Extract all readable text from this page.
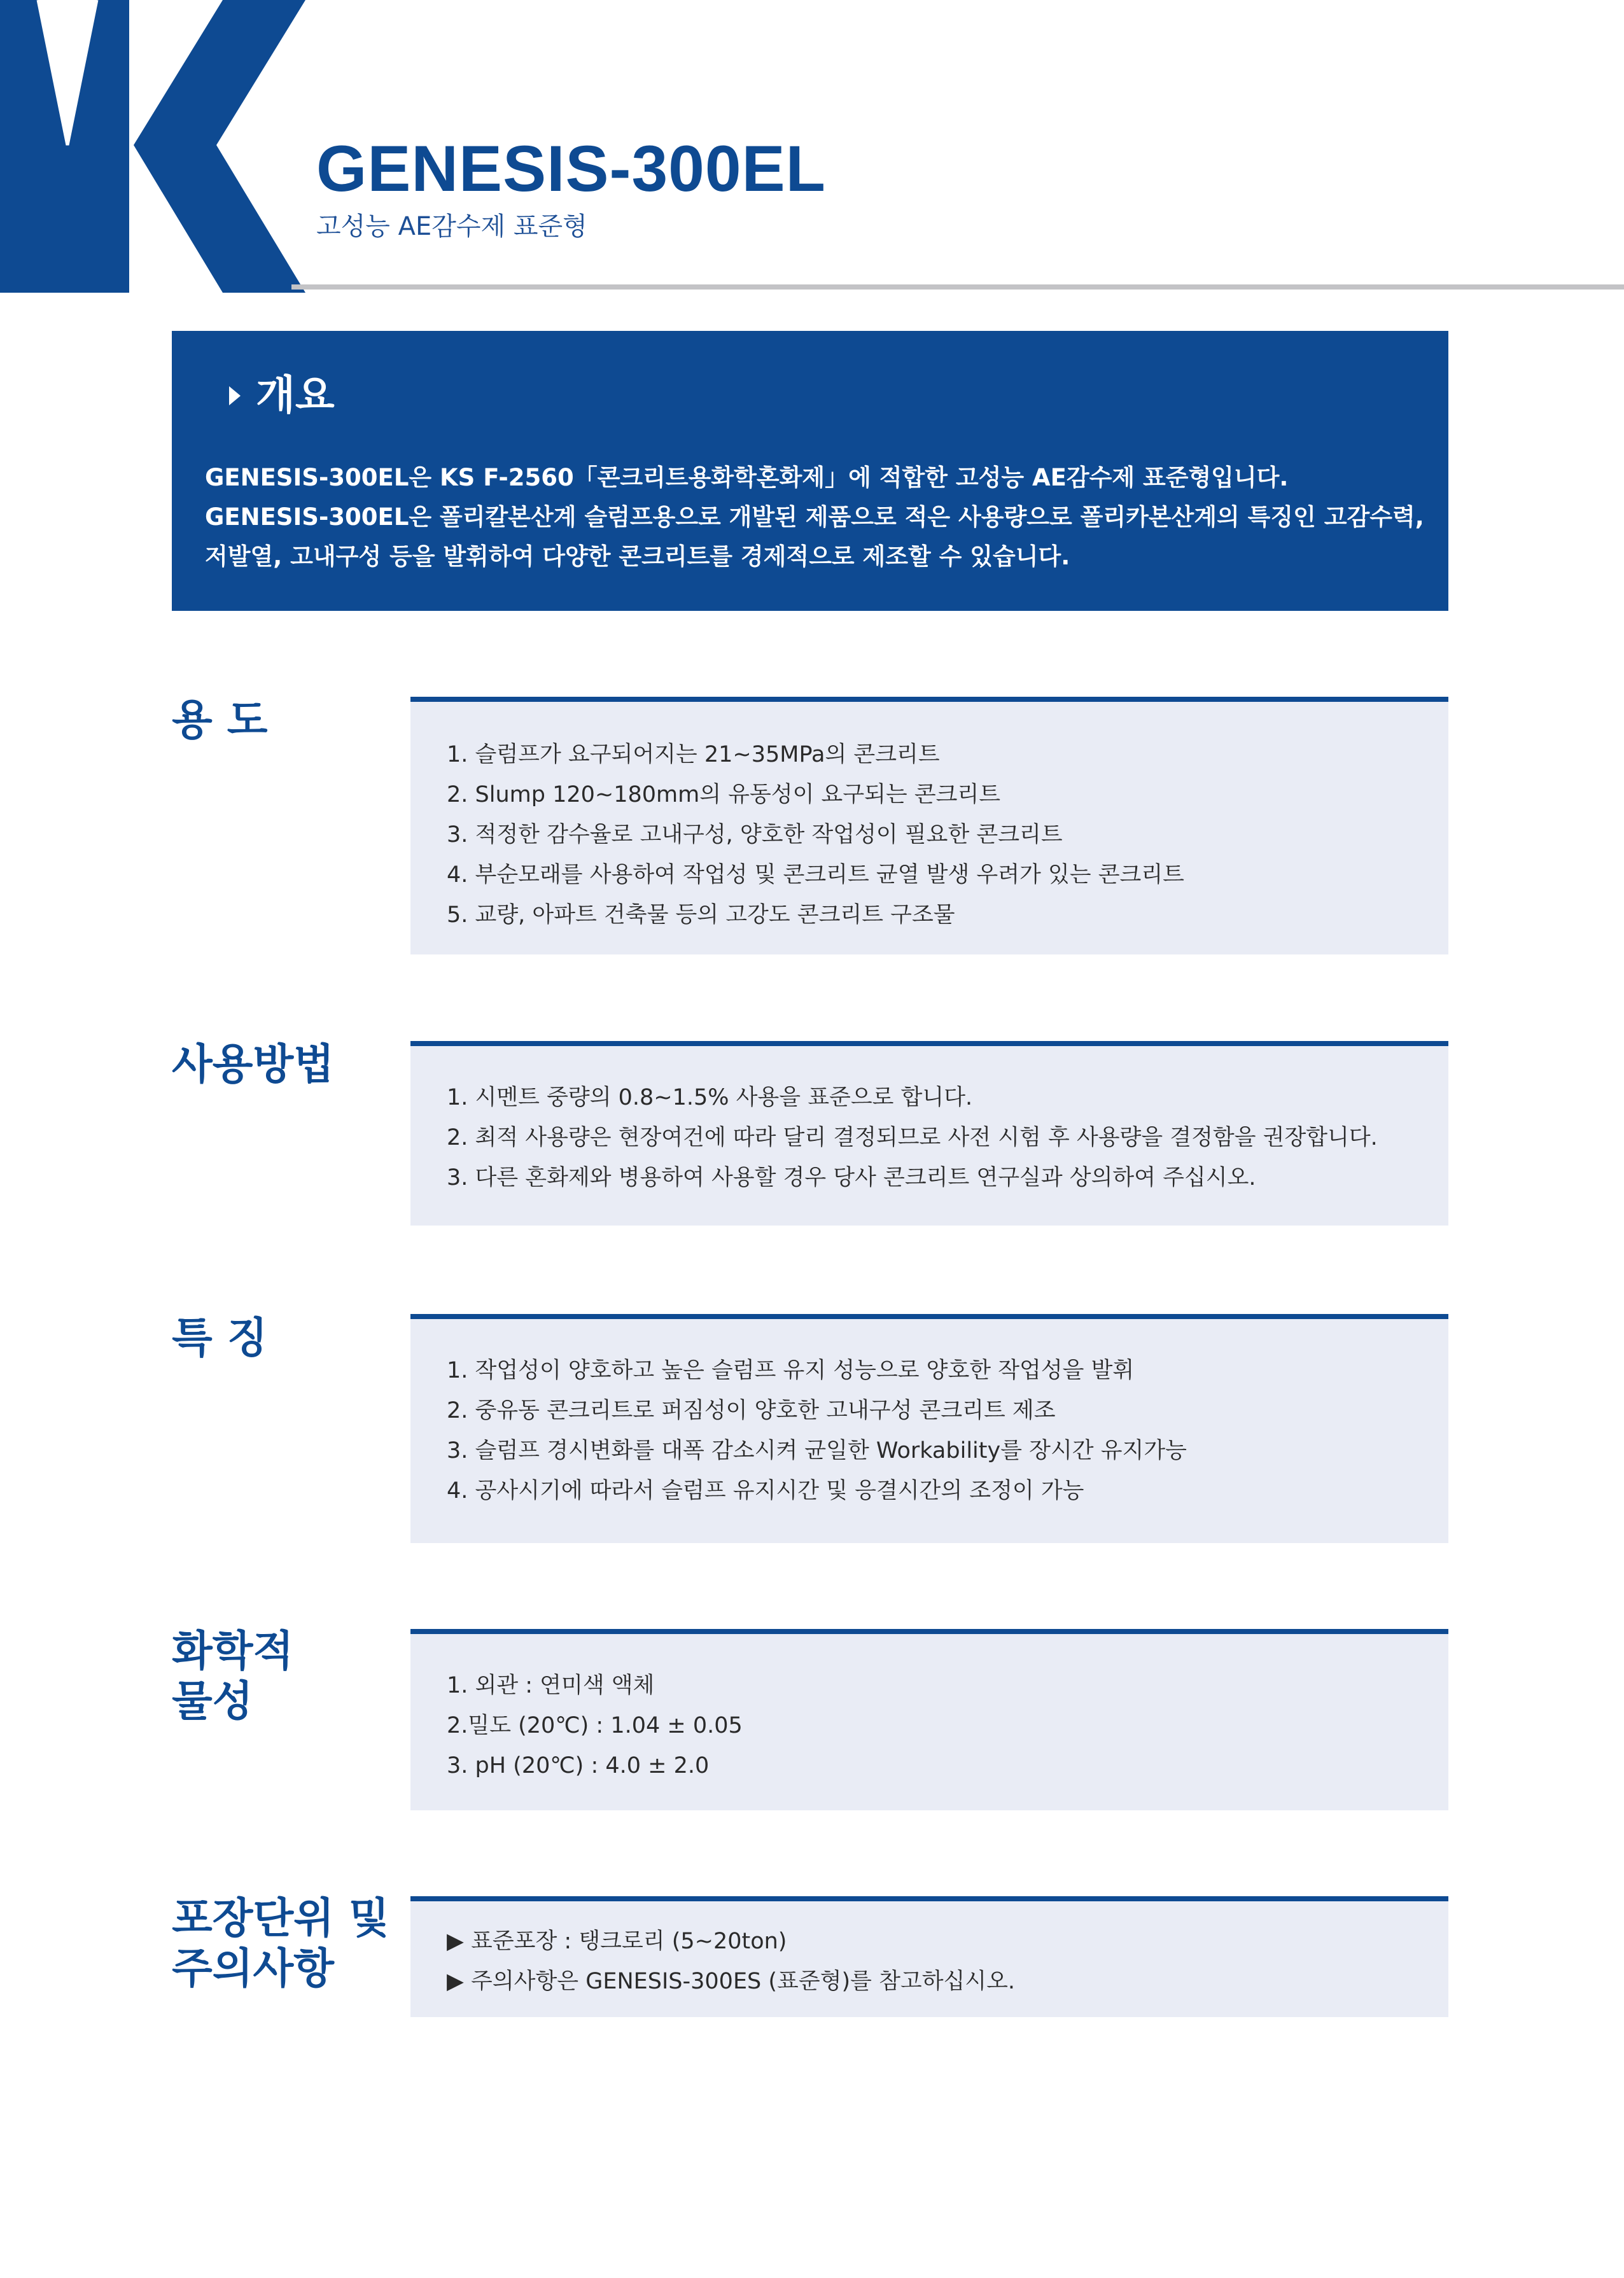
GENESIS-300EL
고성능 AE감수제 표준형
개요
GENESIS-300EL은 KS F-2560「콘크리트용화학혼화제」에 적합한 고성능 AE감수제 표준형입니다.
GENESIS-300EL은 폴리칼본산계 슬럼프용으로 개발된 제품으로 적은 사용량으로 폴리카본산계의 특징인 고감수력,
저발열, 고내구성 등을 발휘하여 다양한 콘크리트를 경제적으로 제조할 수 있습니다.
용 도
1. 슬럼프가 요구되어지는 21~35MPa의 콘크리트
2. Slump 120~180mm의 유동성이 요구되는 콘크리트
3. 적정한 감수율로 고내구성, 양호한 작업성이 필요한 콘크리트
4. 부순모래를 사용하여 작업성 및 콘크리트 균열 발생 우려가 있는 콘크리트
5. 교량, 아파트 건축물 등의 고강도 콘크리트 구조물
사용방법
1. 시멘트 중량의 0.8~1.5% 사용을 표준으로 합니다.
2. 최적 사용량은 현장여건에 따라 달리 결정되므로 사전 시험 후 사용량을 결정함을 권장합니다.
3. 다른 혼화제와 병용하여 사용할 경우 당사 콘크리트 연구실과 상의하여 주십시오.
특 징
1. 작업성이 양호하고 높은 슬럼프 유지 성능으로 양호한 작업성을 발휘
2. 중유동 콘크리트로 퍼짐성이 양호한 고내구성 콘크리트 제조
3. 슬럼프 경시변화를 대폭 감소시켜 균일한 Workability를 장시간 유지가능
4. 공사시기에 따라서 슬럼프 유지시간 및 응결시간의 조정이 가능
화학적
물성	1. 외관 : 연미색 액체
2.밀도 (20℃) : 1.04 ± 0.05
3. pH (20℃) : 4.0 ± 2.0
포장단위 및
주의사항
▶ 표준포장 : 탱크로리 (5~20ton)
▶ 주의사항은 GENESIS-300ES (표준형)를 참고하십시오.
